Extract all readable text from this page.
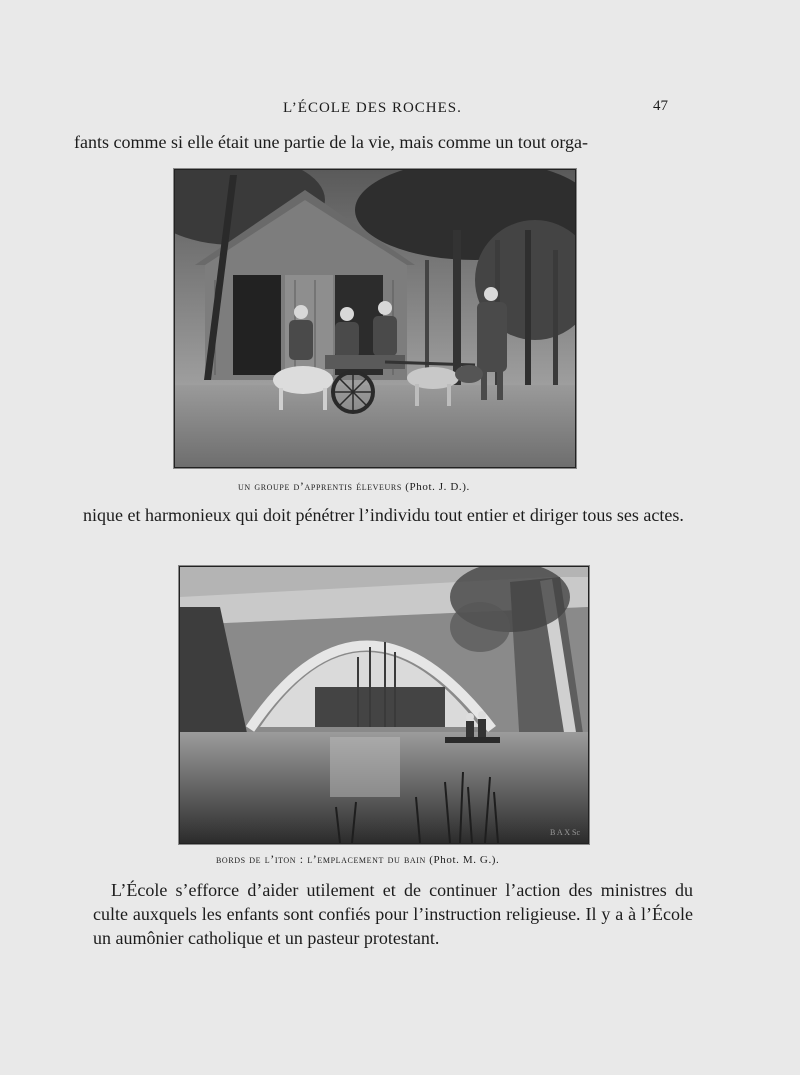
L’ÉCOLE DES ROCHES.	47

fants comme si elle était une partie de la vie, mais comme un tout orga-

un groupe d’apprentis éleveurs (Phot. J. D.).

nique et harmonieux qui doit pénétrer l’individu tout entier et diriger tous ses actes.

B A X Sc
bords de l’iton : l’emplacement du bain (Phot. M. G.).

L’École s’efforce d’aider utilement et de continuer l’action des ministres du culte auxquels les enfants sont confiés pour l’instruction religieuse. Il y a à l’École un aumônier catholique et un pasteur protestant.
